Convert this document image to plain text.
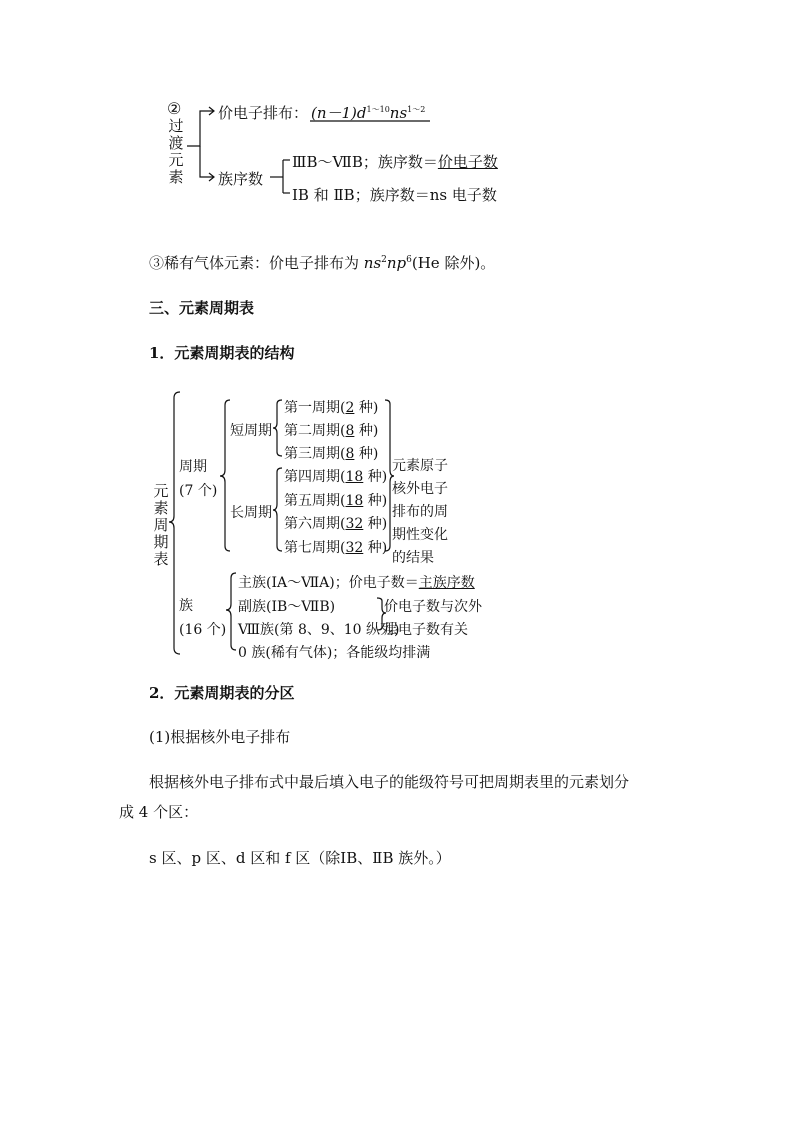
②
过
渡
元
素
价电子排布： $(n-1)d^{1\sim 10}ns^{1\sim 2}$
族序数
ⅢB～ⅦB；族序数＝价电子数
ⅠB 和 ⅡB；族序数＝ns 电子数
③稀有气体元素：价电子排布为 $ns^2np^6(He$ 除外)。
三、元素周期表
1．元素周期表的结构
元
素
周
期
表
周期
(7 个)
短周期
长周期
第一周期(2 种)
第二周期(8 种)
第三周期(8 种)
第四周期(18 种)
第五周期(18 种)
第六周期(32 种)
第七周期(32 种)
元素原子
核外电子
排布的周
期性变化
的结果
族
(16 个)
主族(ⅠA～ⅦA)；价电子数＝主族序数
副族(ⅠB～ⅦB)
Ⅷ族(第 8、9、10 纵列)
0 族(稀有气体)；各能级均排满
价电子数与次外
层电子数有关
2．元素周期表的分区
(1)根据核外电子排布
根据核外电子排布式中最后填入电子的能级符号可把周期表里的元素划分
成 4 个区：
s 区、p 区、d 区和 f 区（除ⅠB、ⅡB 族外。）
